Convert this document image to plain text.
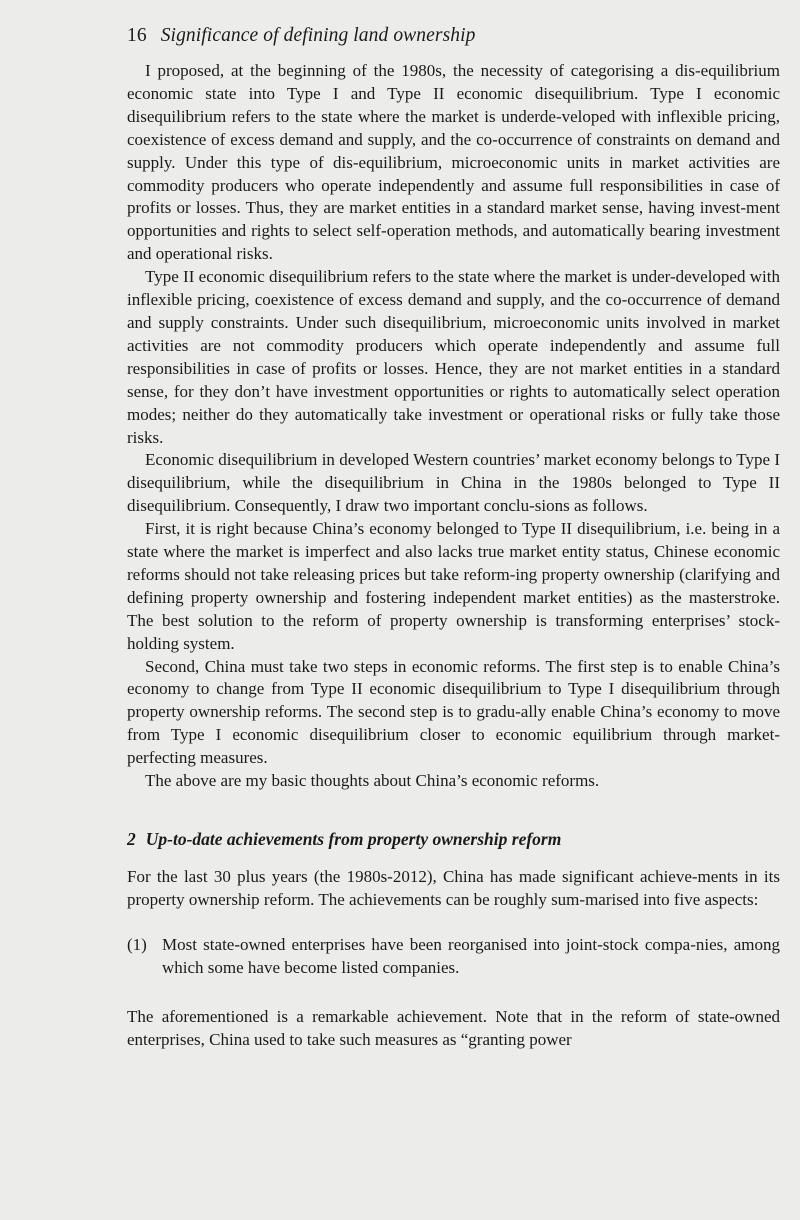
16 Significance of defining land ownership

I proposed, at the beginning of the 1980s, the necessity of categorising a dis-equilibrium economic state into Type I and Type II economic disequilibrium. Type I economic disequilibrium refers to the state where the market is underde-veloped with inflexible pricing, coexistence of excess demand and supply, and the co-occurrence of constraints on demand and supply. Under this type of dis-equilibrium, microeconomic units in market activities are commodity producers who operate independently and assume full responsibilities in case of profits or losses. Thus, they are market entities in a standard market sense, having invest-ment opportunities and rights to select self-operation methods, and automatically bearing investment and operational risks.

Type II economic disequilibrium refers to the state where the market is under-developed with inflexible pricing, coexistence of excess demand and supply, and the co-occurrence of demand and supply constraints. Under such disequilibrium, microeconomic units involved in market activities are not commodity producers which operate independently and assume full responsibilities in case of profits or losses. Hence, they are not market entities in a standard sense, for they don’t have investment opportunities or rights to automatically select operation modes; neither do they automatically take investment or operational risks or fully take those risks.

Economic disequilibrium in developed Western countries’ market economy belongs to Type I disequilibrium, while the disequilibrium in China in the 1980s belonged to Type II disequilibrium. Consequently, I draw two important conclu-sions as follows.

First, it is right because China’s economy belonged to Type II disequilibrium, i.e. being in a state where the market is imperfect and also lacks true market entity status, Chinese economic reforms should not take releasing prices but take reform-ing property ownership (clarifying and defining property ownership and fostering independent market entities) as the masterstroke. The best solution to the reform of property ownership is transforming enterprises’ stock-holding system.

Second, China must take two steps in economic reforms. The first step is to enable China’s economy to change from Type II economic disequilibrium to Type I disequilibrium through property ownership reforms. The second step is to gradu-ally enable China’s economy to move from Type I economic disequilibrium closer to economic equilibrium through market-perfecting measures.

The above are my basic thoughts about China’s economic reforms.

2 Up-to-date achievements from property ownership reform

For the last 30 plus years (the 1980s-2012), China has made significant achieve-ments in its property ownership reform. The achievements can be roughly sum-marised into five aspects:

(1) Most state-owned enterprises have been reorganised into joint-stock compa-nies, among which some have become listed companies.

The aforementioned is a remarkable achievement. Note that in the reform of state-owned enterprises, China used to take such measures as “granting power
